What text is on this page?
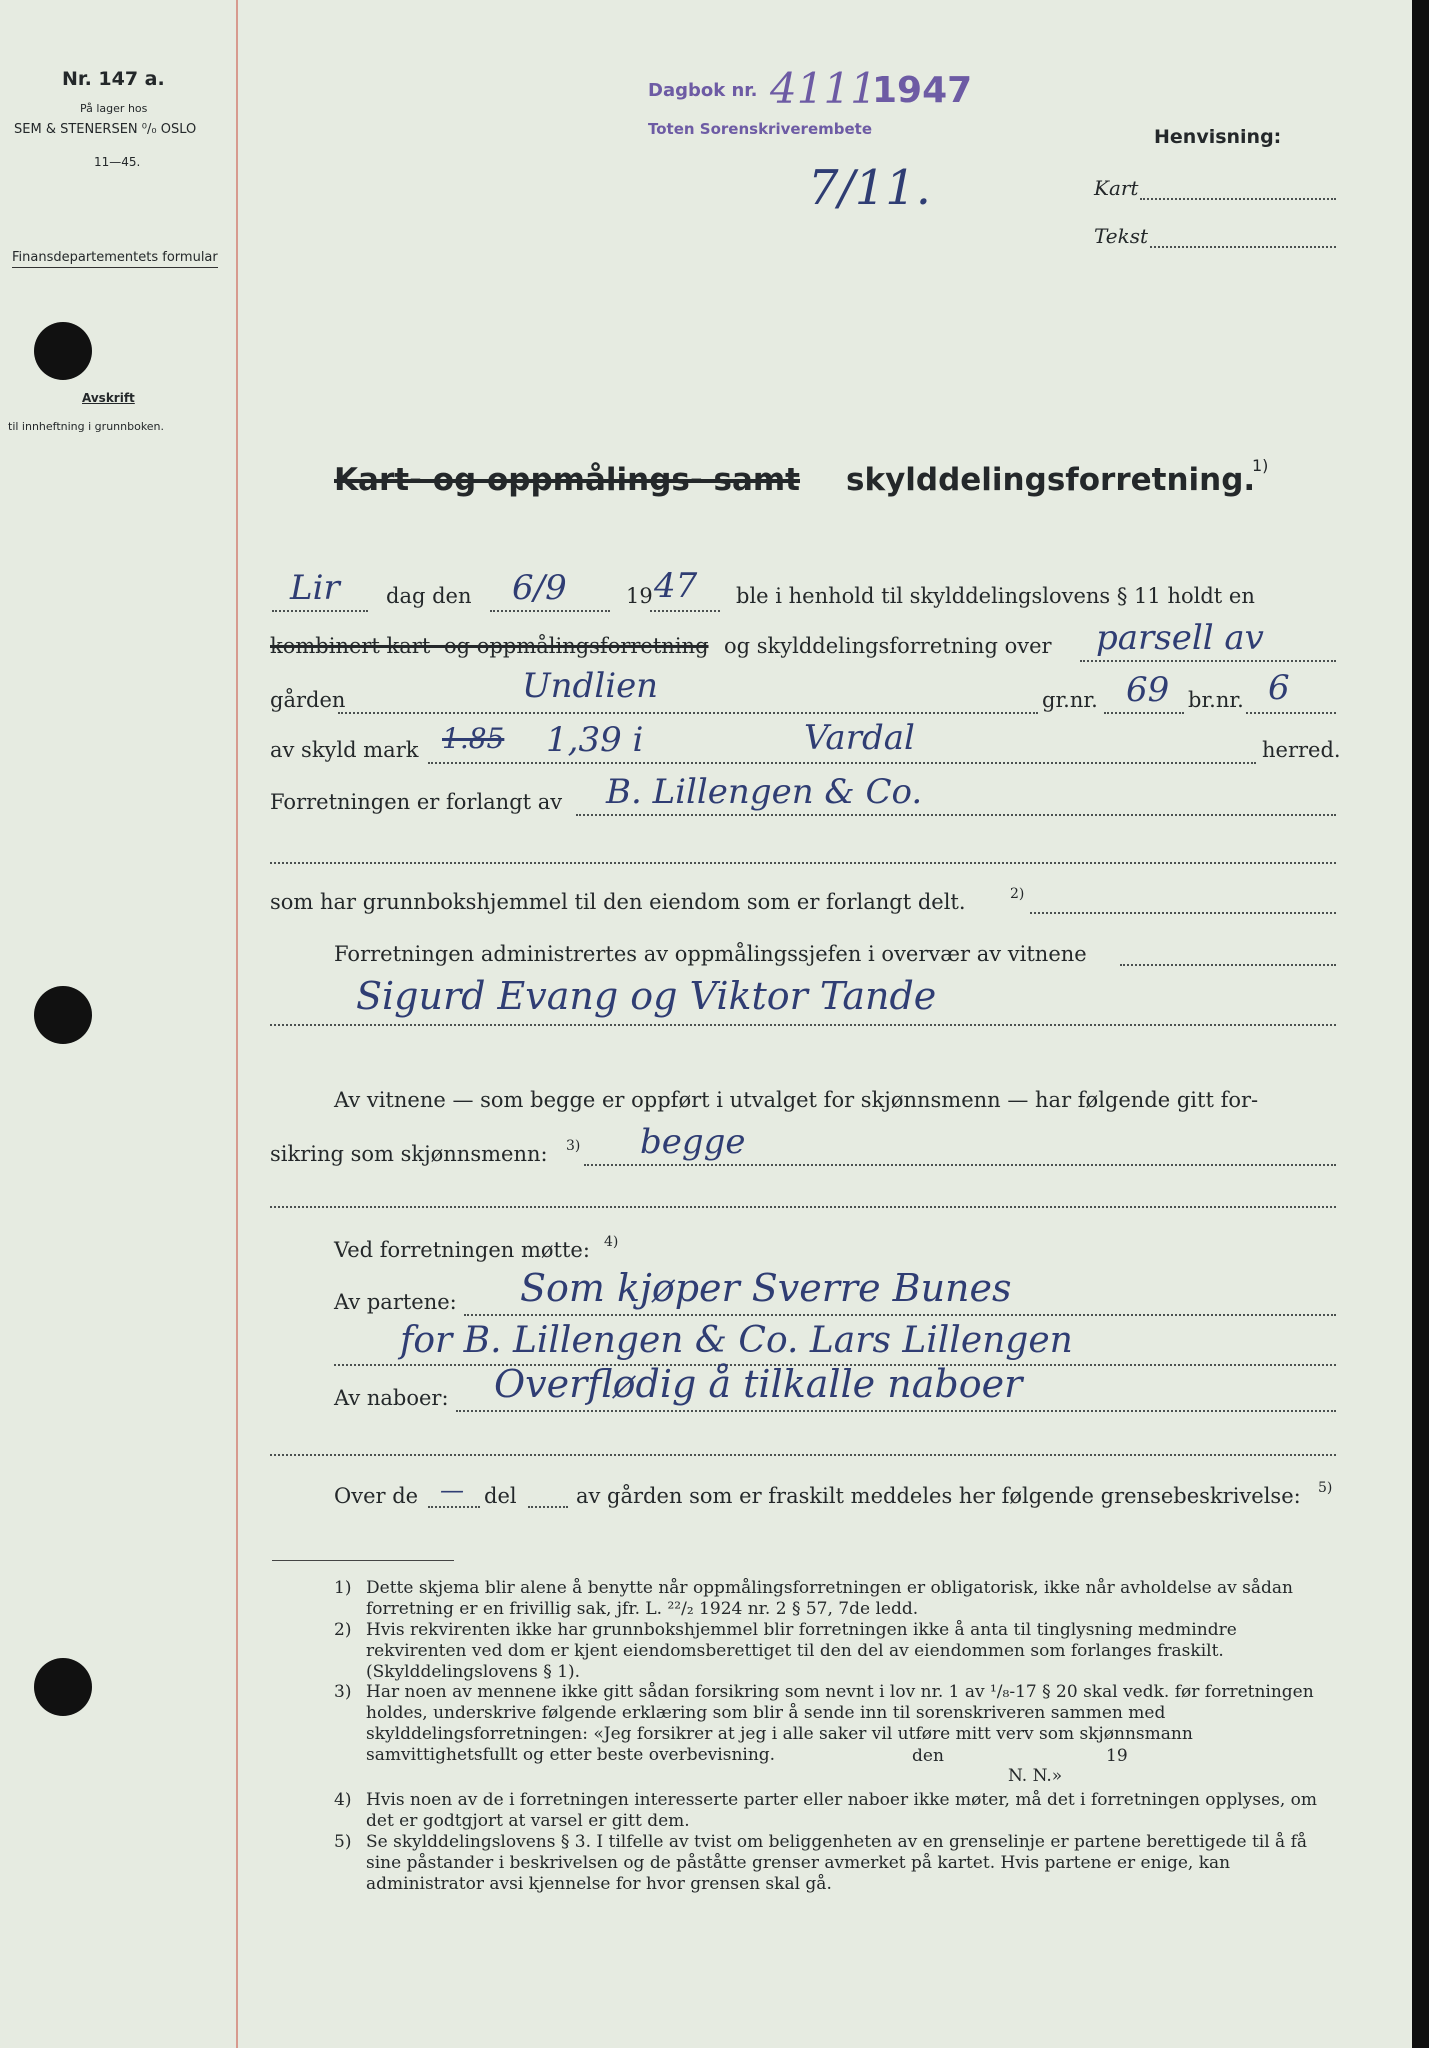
Nr. 147 a.
På lager hos
SEM & STENERSEN ⁰/₀ OSLO
11—45.
Finansdepartementets formular
Avskrift
til innheftning i grunnboken.
Dagbok nr. 4111
1947
Toten Sorenskriverembete
7/11.
Henvisning:
Kart
Tekst
Kart- og oppmålings- samt skylddelingsforretning.
1)
Lir dag den 6/9	19 47 ble i henhold til skylddelingslovens § 11 holdt en
kombinert kart- og oppmålingsforretning og skylddelingsforretning over parsell av
gården	Undlien	gr.nr. 69 br.nr. 6
av skyld mark 1.85 1,39 i	Vardal	herred.
Forretningen er forlangt av B. Lillengen & Co.
som har grunnbokshjemmel til den eiendom som er forlangt delt.	2)
Forretningen administrertes av oppmålingssjefen i overvær av vitnene
Sigurd Evang og Viktor Tande
Av vitnene — som begge er oppført i utvalget for skjønnsmenn — har følgende gitt for-
sikring som skjønnsmenn: 3) begge
Ved forretningen møtte: 4)
Av partene: Som kjøper Sverre Bunes
for B. Lillengen & Co. Lars Lillengen
Av naboer: Overflødig å tilkalle naboer
Over de — del	av gården som er fraskilt meddeles her følgende grensebeskrivelse: 5)
1) Dette skjema blir alene å benytte når oppmålingsforretningen er obligatorisk, ikke når avholdelse av sådan forretning er en frivillig sak, jfr. L. ²²/₂ 1924 nr. 2 § 57, 7de ledd.
2) Hvis rekvirenten ikke har grunnbokshjemmel blir forretningen ikke å anta til tinglysning medmindre rekvirenten ved dom er kjent eiendomsberettiget til den del av eiendommen som forlanges fraskilt. (Skylddelingslovens § 1).
3) Har noen av mennene ikke gitt sådan forsikring som nevnt i lov nr. 1 av ¹/₈-17 § 20 skal vedk. før forretningen holdes, underskrive følgende erklæring som blir å sende inn til sorenskriveren sammen med skylddelingsforretningen: «Jeg forsikrer at jeg i alle saker vil utføre mitt verv som skjønnsmann samvittighetsfullt og etter beste overbevisning.	den	19
N. N.»
4) Hvis noen av de i forretningen interesserte parter eller naboer ikke møter, må det i forretningen opplyses, om det er godtgjort at varsel er gitt dem.
5) Se skylddelingslovens § 3. I tilfelle av tvist om beliggenheten av en grenselinje er partene berettigede til å få sine påstander i beskrivelsen og de påståtte grenser avmerket på kartet. Hvis partene er enige, kan administrator avsi kjennelse for hvor grensen skal gå.
